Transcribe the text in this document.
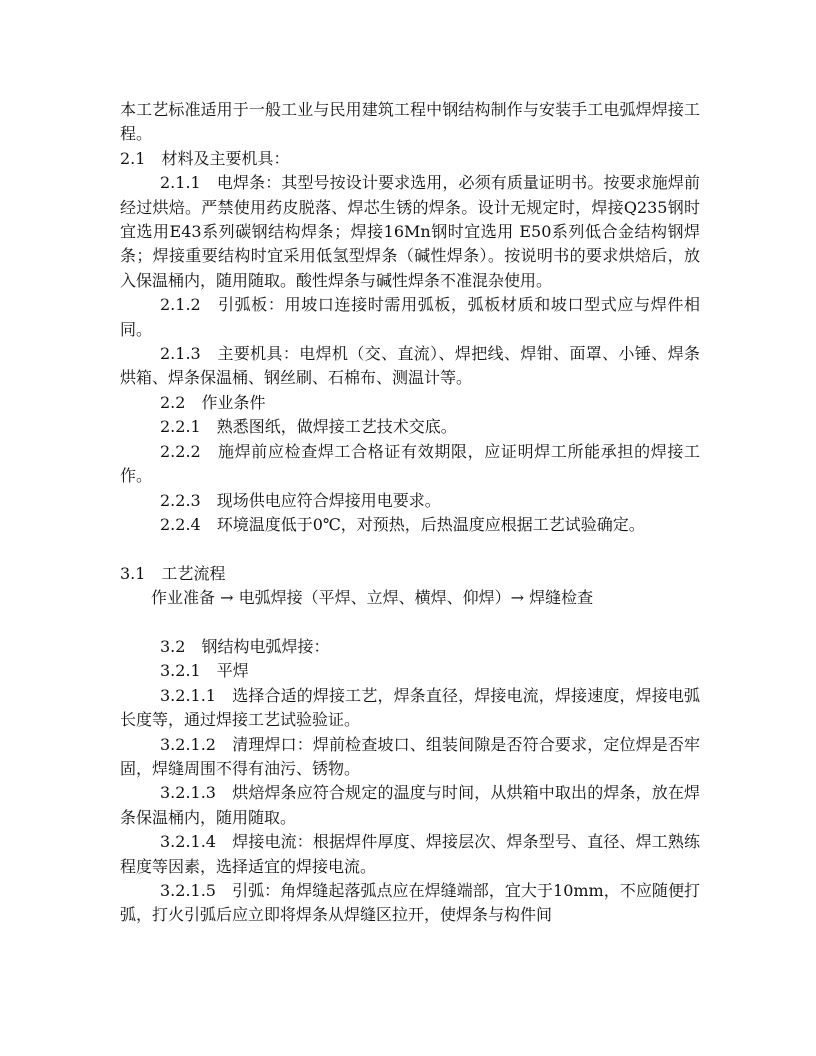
本工艺标准适用于一般工业与民用建筑工程中钢结构制作与安装手工电弧焊焊接工程。

2.1　材料及主要机具：

2.1.1　电焊条：其型号按设计要求选用，必须有质量证明书。按要求施焊前经过烘焙。严禁使用药皮脱落、焊芯生锈的焊条。设计无规定时，焊接Q235钢时宜选用E43系列碳钢结构焊条；焊接16Mn钢时宜选用 E50系列低合金结构钢焊条；焊接重要结构时宜采用低氢型焊条（碱性焊条）。按说明书的要求烘焙后，放入保温桶内，随用随取。酸性焊条与碱性焊条不准混杂使用。

2.1.2　引弧板：用坡口连接时需用弧板，弧板材质和坡口型式应与焊件相同。

2.1.3　主要机具：电焊机（交、直流）、焊把线、焊钳、面罩、小锤、焊条烘箱、焊条保温桶、钢丝刷、石棉布、测温计等。

2.2　作业条件

2.2.1　熟悉图纸，做焊接工艺技术交底。

2.2.2　施焊前应检查焊工合格证有效期限，应证明焊工所能承担的焊接工作。

2.2.3　现场供电应符合焊接用电要求。

2.2.4　环境温度低于0℃，对预热，后热温度应根据工艺试验确定。

3.1　工艺流程

作业准备 → 电弧焊接（平焊、立焊、横焊、仰焊）→ 焊缝检查

3.2　钢结构电弧焊接：

3.2.1　平焊

3.2.1.1　选择合适的焊接工艺，焊条直径，焊接电流，焊接速度，焊接电弧长度等，通过焊接工艺试验验证。

3.2.1.2　清理焊口：焊前检查坡口、组装间隙是否符合要求，定位焊是否牢固，焊缝周围不得有油污、锈物。

3.2.1.3　烘焙焊条应符合规定的温度与时间，从烘箱中取出的焊条，放在焊条保温桶内，随用随取。

3.2.1.4　焊接电流：根据焊件厚度、焊接层次、焊条型号、直径、焊工熟练程度等因素，选择适宜的焊接电流。

3.2.1.5　引弧：角焊缝起落弧点应在焊缝端部，宜大于10mm，不应随便打弧，打火引弧后应立即将焊条从焊缝区拉开，使焊条与构件间
